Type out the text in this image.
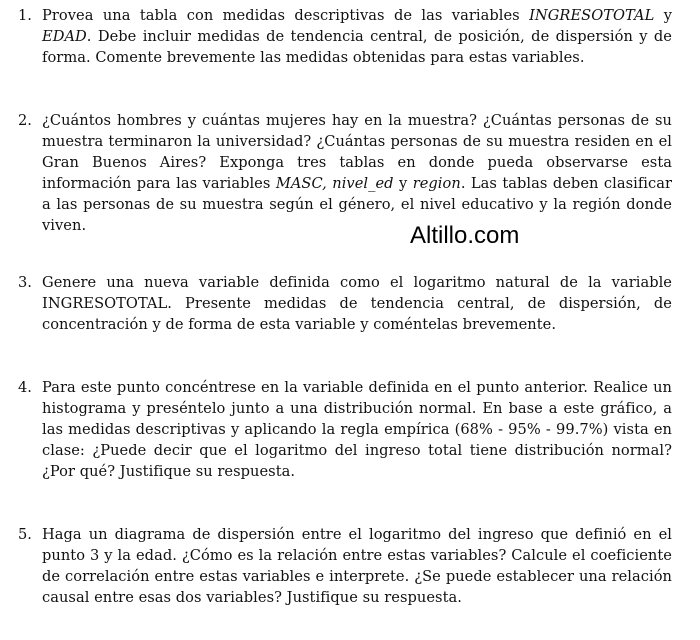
1. Provea una tabla con medidas descriptivas de las variables INGRESOTOTAL y EDAD. Debe incluir medidas de tendencia central, de posición, de dispersión y de forma. Comente brevemente las medidas obtenidas para estas variables.
2. ¿Cuántos hombres y cuántas mujeres hay en la muestra? ¿Cuántas personas de su muestra terminaron la universidad? ¿Cuántas personas de su muestra residen en el Gran Buenos Aires? Exponga tres tablas en donde pueda observarse esta información para las variables MASC, nivel_ed y region. Las tablas deben clasificar a las personas de su muestra según el género, el nivel educativo y la región donde viven.	Altillo.com
3. Genere una nueva variable definida como el logaritmo natural de la variable INGRESOTOTAL. Presente medidas de tendencia central, de dispersión, de concentración y de forma de esta variable y coméntelas brevemente.
4. Para este punto concéntrese en la variable definida en el punto anterior. Realice un histograma y preséntelo junto a una distribución normal. En base a este gráfico, a las medidas descriptivas y aplicando la regla empírica (68% - 95% - 99.7%) vista en clase: ¿Puede decir que el logaritmo del ingreso total tiene distribución normal? ¿Por qué? Justifique su respuesta.
5. Haga un diagrama de dispersión entre el logaritmo del ingreso que definió en el punto 3 y la edad. ¿Cómo es la relación entre estas variables? Calcule el coeficiente de correlación entre estas variables e interprete. ¿Se puede establecer una relación causal entre esas dos variables? Justifique su respuesta.
